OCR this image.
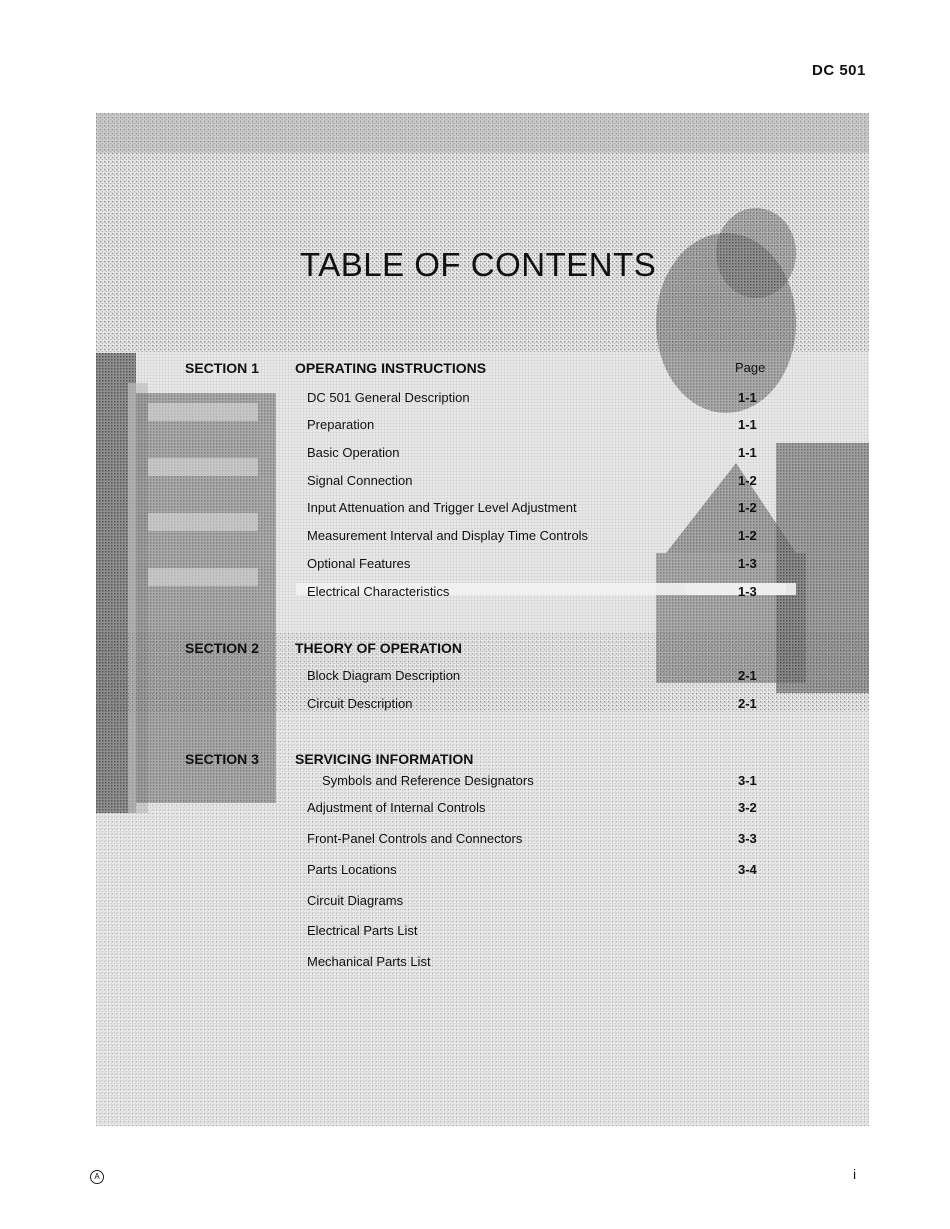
DC 501
TABLE OF CONTENTS
Page
SECTION 1	OPERATING INSTRUCTIONS
DC 501 General Description	1-1
Preparation	1-1
Basic Operation	1-1
Signal Connection	1-2
Input Attenuation and Trigger Level Adjustment	1-2
Measurement Interval and Display Time Controls	1-2
Optional Features	1-3
Electrical Characteristics	1-3
SECTION 2	THEORY OF OPERATION
Block Diagram Description	2-1
Circuit Description	2-1
SECTION 3	SERVICING INFORMATION
Symbols and Reference Designators	3-1
Adjustment of Internal Controls	3-2
Front-Panel Controls and Connectors	3-3
Parts Locations	3-4
Circuit Diagrams
Electrical Parts List
Mechanical Parts List
A	i
